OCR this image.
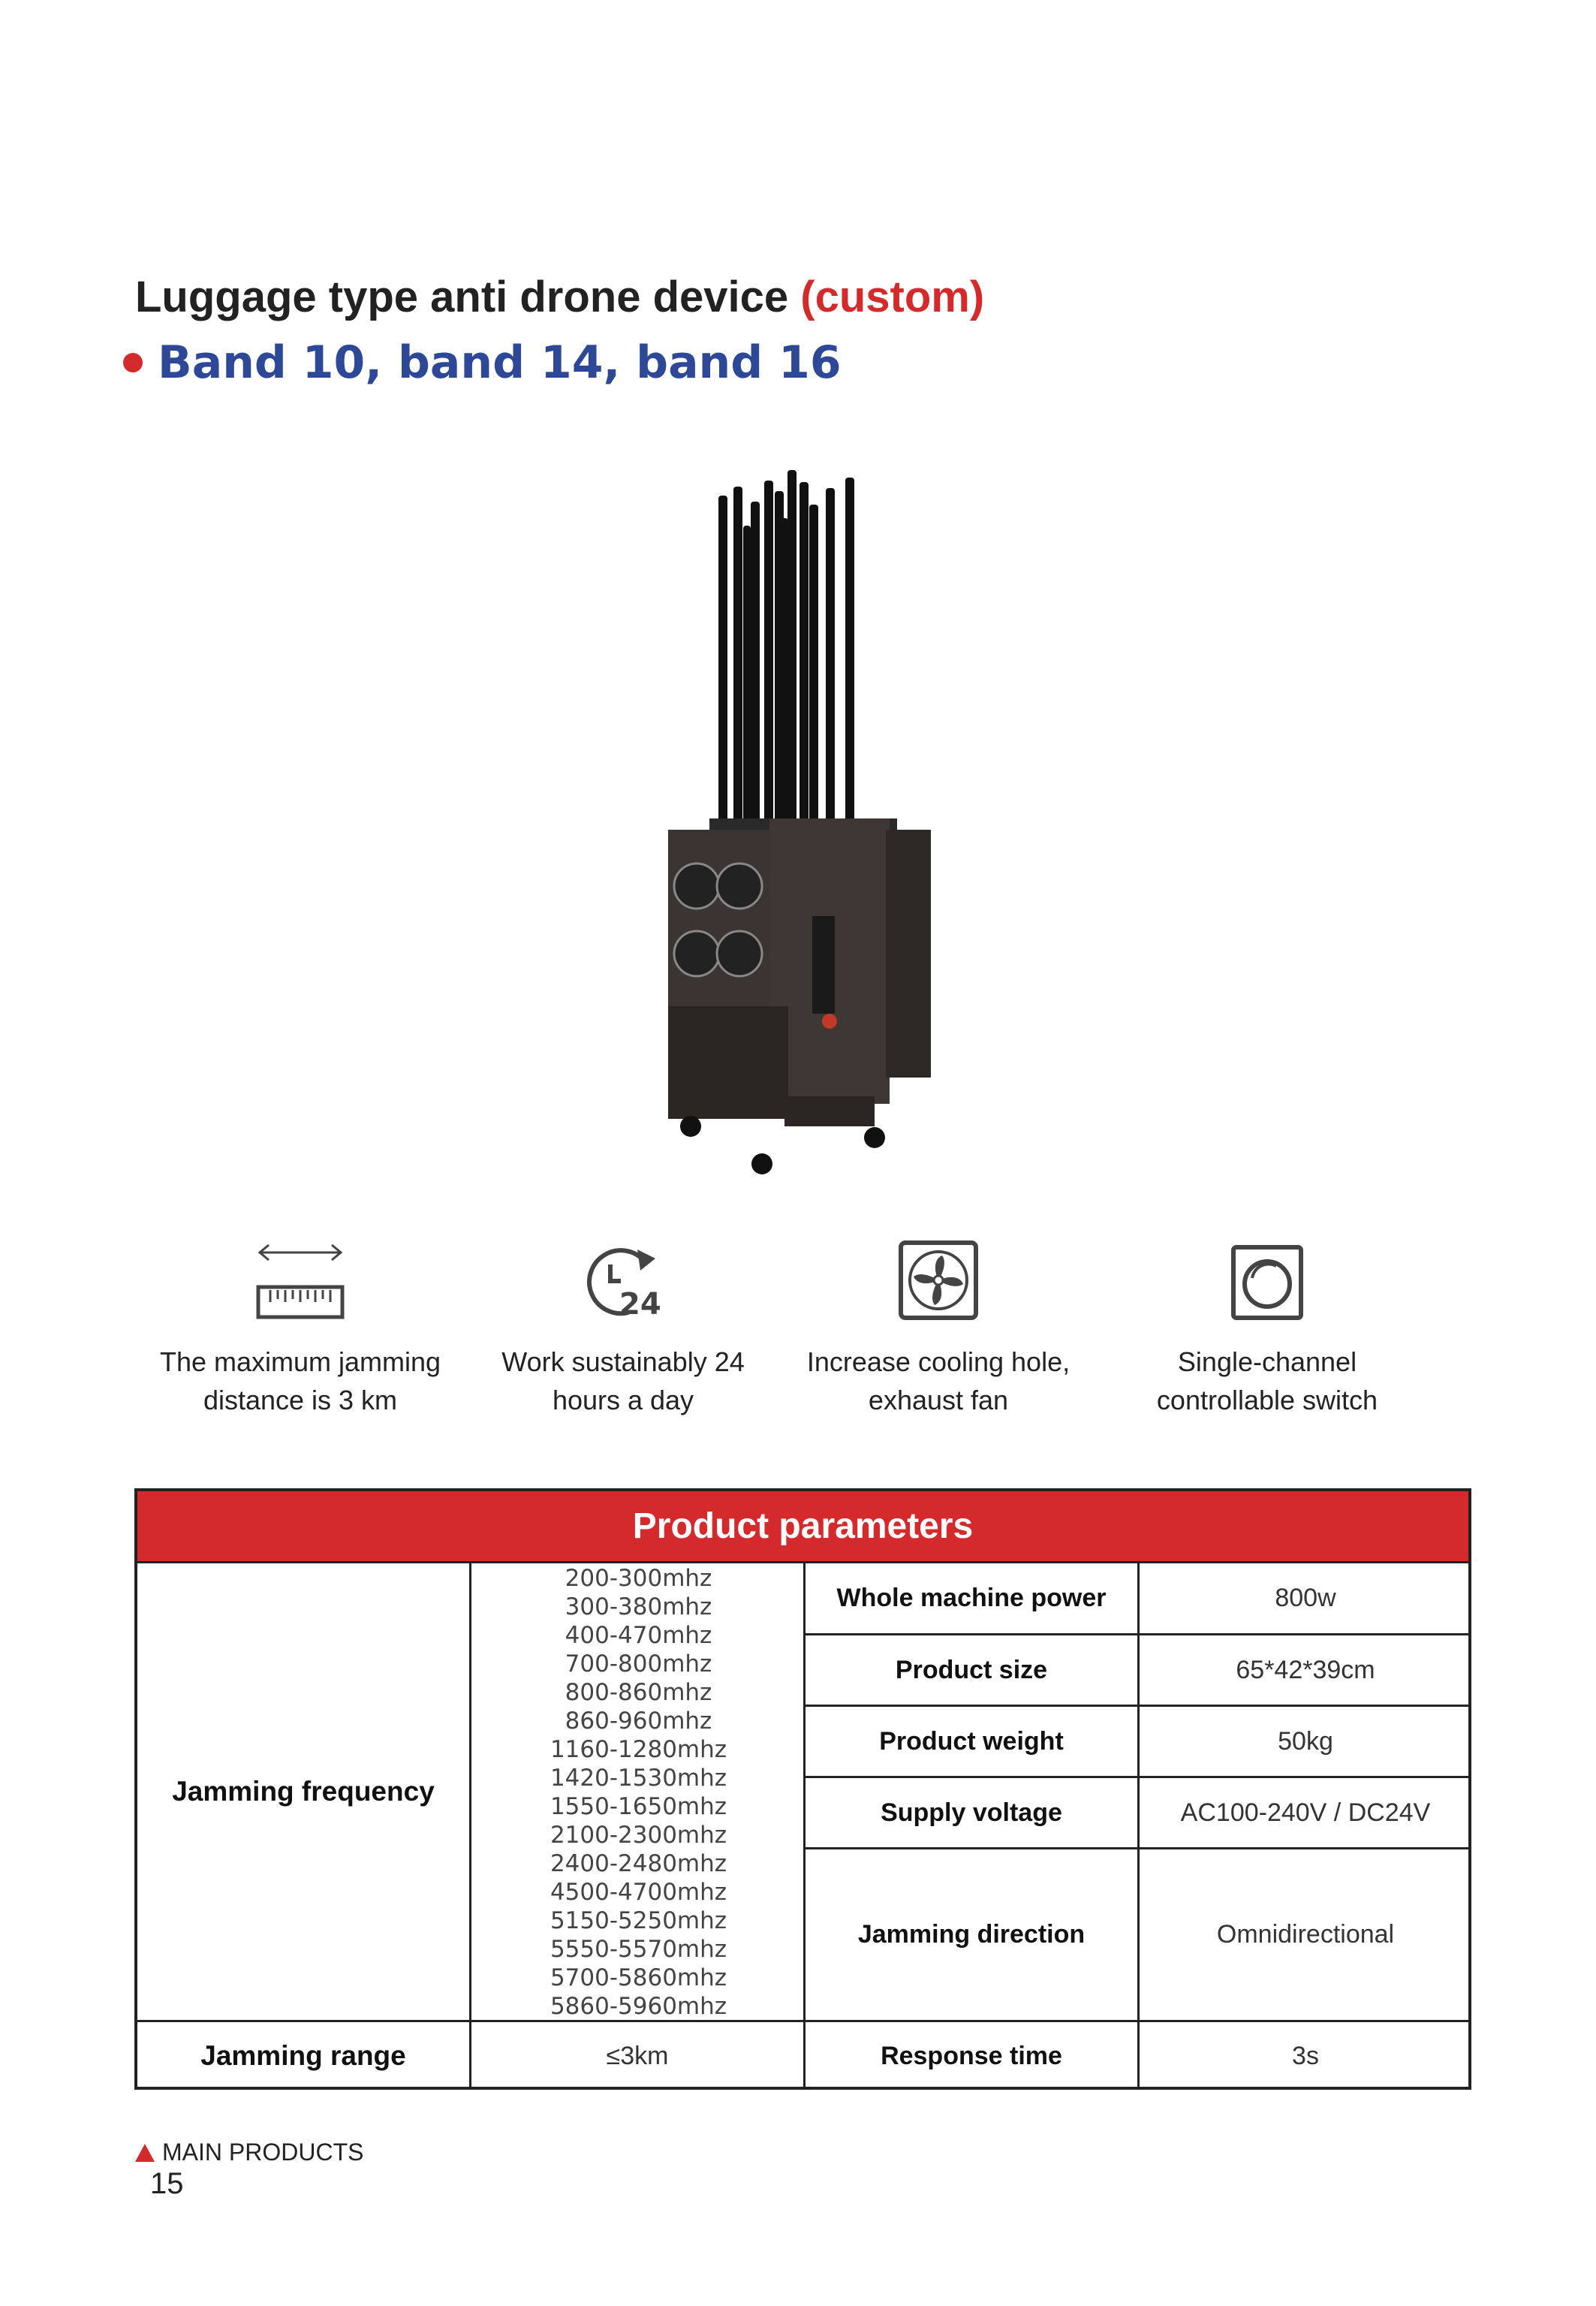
Luggage type anti drone device (custom)
Band 10, band 14, band 16
The maximum jamming distance is 3 km
24
Work sustainably 24 hours a day
Increase cooling hole, exhaust fan
Single-channel controllable switch
Product parameters
Jamming frequency
200-300mhz
300-380mhz
400-470mhz
700-800mhz
800-860mhz
860-960mhz
1160-1280mhz
1420-1530mhz
1550-1650mhz
2100-2300mhz
2400-2480mhz
4500-4700mhz
5150-5250mhz
5550-5570mhz
5700-5860mhz
5860-5960mhz
Whole machine power	800w
Product size	65*42*39cm
Product weight	50kg
Supply voltage	AC100-240V / DC24V
Jamming direction	Omnidirectional
Jamming range	≤3km	Response time	3s
MAIN PRODUCTS
15
